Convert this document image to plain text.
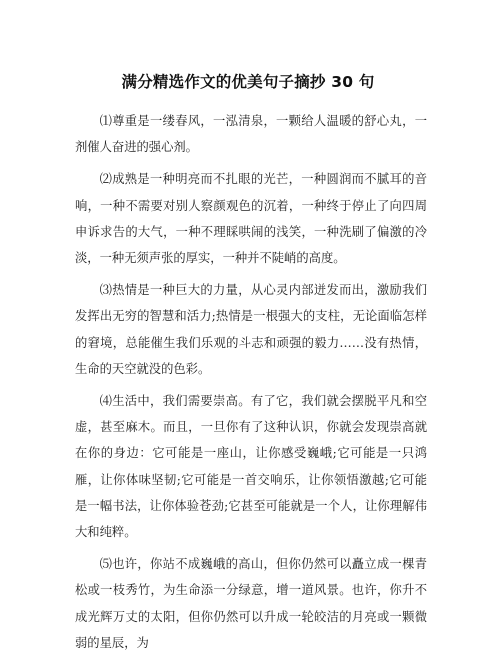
满分精选作文的优美句子摘抄 30 句

⑴尊重是一缕春风，一泓清泉，一颗给人温暖的舒心丸，一剂催人奋进的强心剂。

⑵成熟是一种明亮而不扎眼的光芒，一种圆润而不腻耳的音响，一种不需要对别人察颜观色的沉着，一种终于停止了向四周申诉求告的大气，一种不理睬哄闹的浅笑，一种洗刷了偏激的冷淡，一种无须声张的厚实，一种并不陡峭的高度。

⑶热情是一种巨大的力量，从心灵内部迸发而出，激励我们发挥出无穷的智慧和活力;热情是一根强大的支柱，无论面临怎样的窘境，总能催生我们乐观的斗志和顽强的毅力……没有热情，生命的天空就没的色彩。

⑷生活中，我们需要崇高。有了它，我们就会摆脱平凡和空虚，甚至麻木。而且，一旦你有了这种认识，你就会发现崇高就在你的身边：它可能是一座山，让你感受巍峨;它可能是一只鸿雁，让你体味坚韧;它可能是一首交响乐，让你领悟激越;它可能是一幅书法，让你体验苍劲;它甚至可能就是一个人，让你理解伟大和纯粹。

⑸也许，你站不成巍峨的高山，但你仍然可以矗立成一棵青松或一枝秀竹，为生命添一分绿意，增一道风景。也许，你升不成光辉万丈的太阳，但你仍然可以升成一轮皎洁的月亮或一颗微弱的星辰，为
